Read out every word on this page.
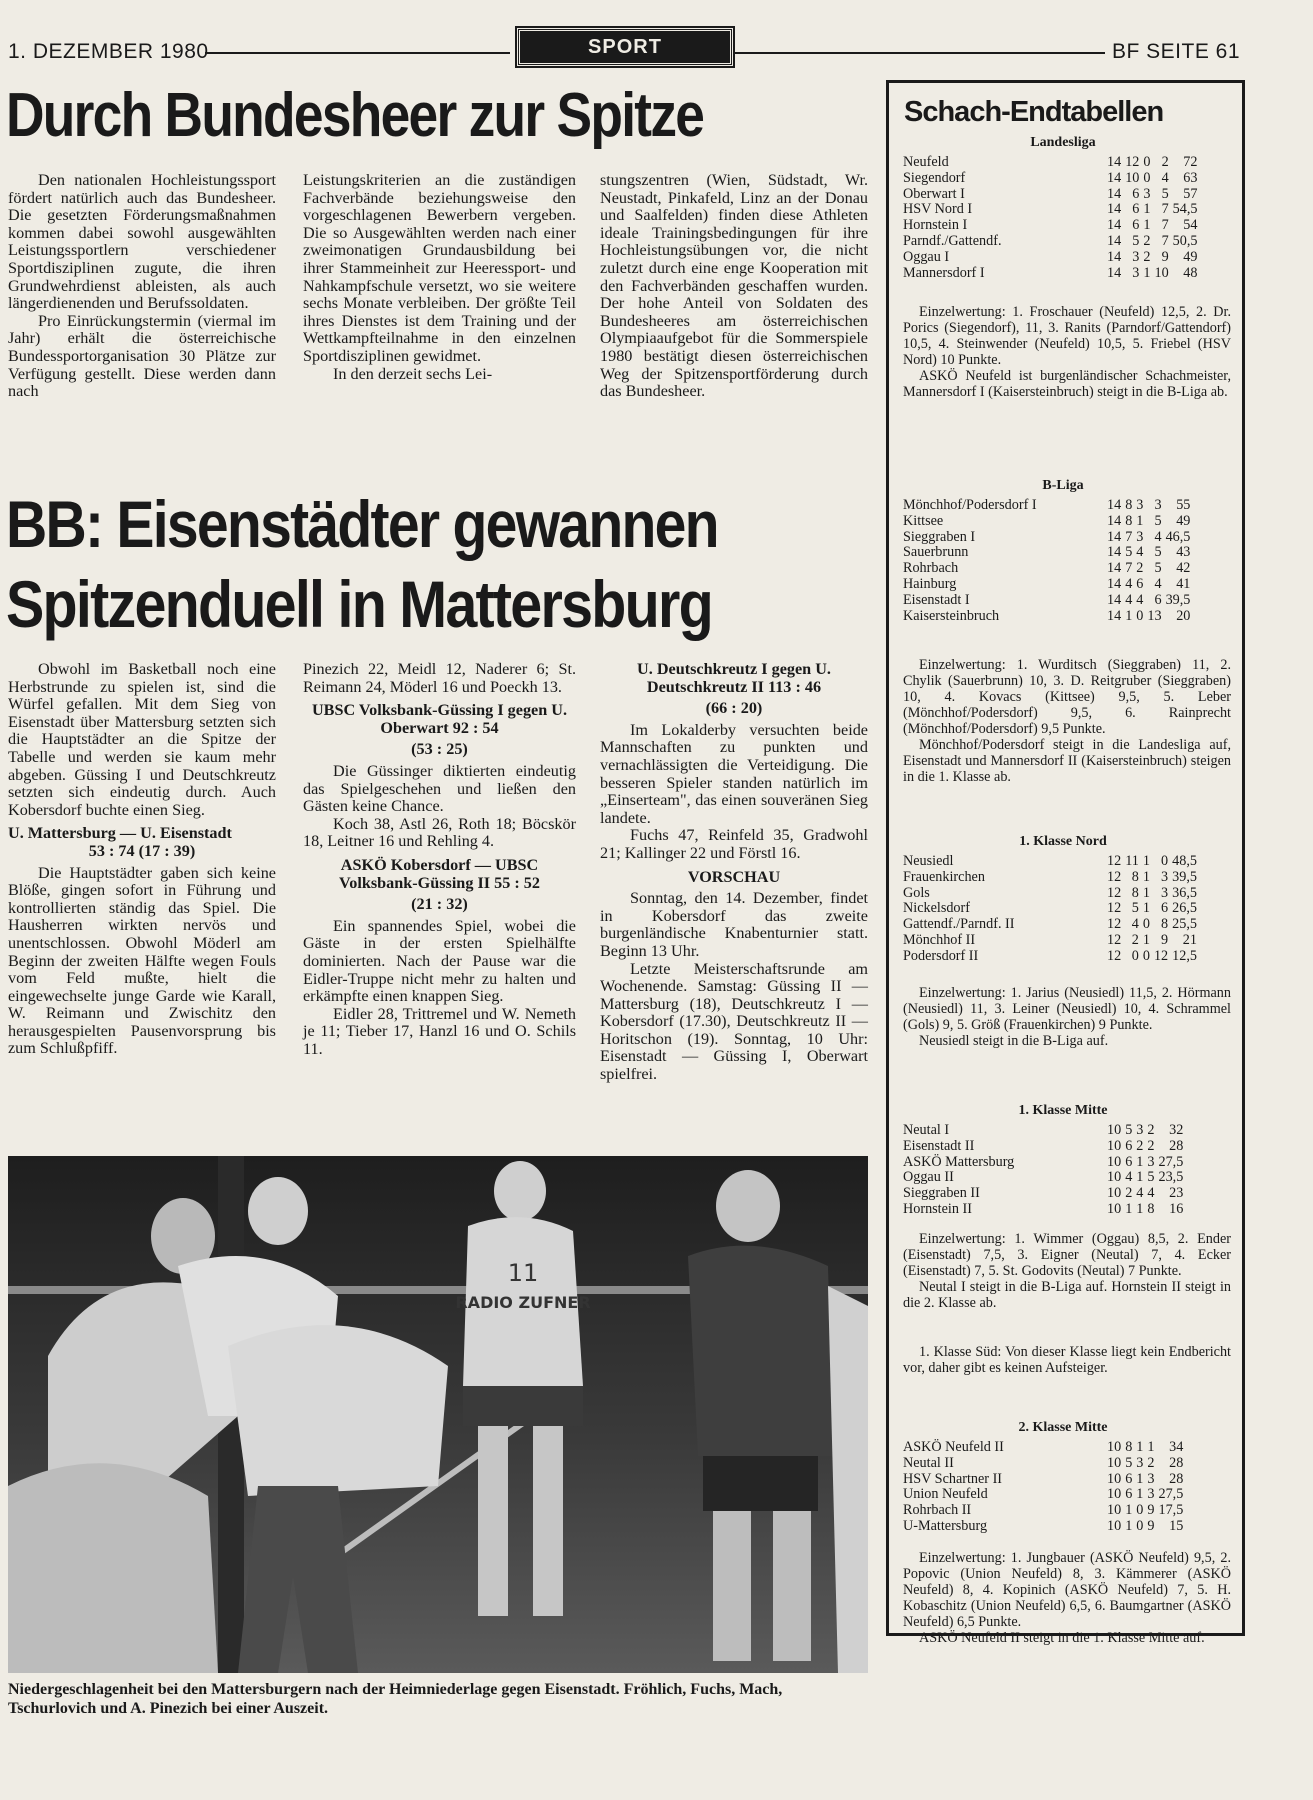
1. DEZEMBER 1980	SPORT	BF SEITE 61
Durch Bundesheer zur Spitze

Den nationalen Hochleistungssport fördert natürlich auch das Bundesheer. Die gesetzten Förderungsmaßnahmen kommen dabei sowohl ausgewählten Leistungssportlern verschiedener Sportdisziplinen zugute, die ihren Grundwehrdienst ableisten, als auch längerdienenden und Berufssoldaten.

Pro Einrückungstermin (viermal im Jahr) erhält die österreichische Bundessportorganisation 30 Plätze zur Verfügung gestellt. Diese werden dann nach

Leistungskriterien an die zuständigen Fachverbände beziehungsweise den vorgeschlagenen Bewerbern vergeben. Die so Ausgewählten werden nach einer zweimonatigen Grundausbildung bei ihrer Stammeinheit zur Heeressport- und Nahkampfschule versetzt, wo sie weitere sechs Monate verbleiben. Der größte Teil ihres Dienstes ist dem Training und der Wettkampfteilnahme in den einzelnen Sportdisziplinen gewidmet.

In den derzeit sechs Lei-

stungszentren (Wien, Südstadt, Wr. Neustadt, Pinkafeld, Linz an der Donau und Saalfelden) finden diese Athleten ideale Trainingsbedingungen für ihre Hochleistungsübungen vor, die nicht zuletzt durch eine enge Kooperation mit den Fachverbänden geschaffen wurden. Der hohe Anteil von Soldaten des Bundesheeres am österreichischen Olympiaaufgebot für die Sommerspiele 1980 bestätigt diesen österreichischen Weg der Spitzensportförderung durch das Bundesheer.

BB: Eisenstädter gewannen
Spitzenduell in Mattersburg

Obwohl im Basketball noch eine Herbstrunde zu spielen ist, sind die Würfel gefallen. Mit dem Sieg von Eisenstadt über Mattersburg setzten sich die Hauptstädter an die Spitze der Tabelle und werden sie kaum mehr abgeben. Güssing I und Deutschkreutz setzten sich eindeutig durch. Auch Kobersdorf buchte einen Sieg.

U. Mattersburg — U. Eisenstadt
53 : 74 (17 : 39)

Die Hauptstädter gaben sich keine Blöße, gingen sofort in Führung und kontrollierten ständig das Spiel. Die Hausherren wirkten nervös und unentschlossen. Obwohl Möderl am Beginn der zweiten Hälfte wegen Fouls vom Feld mußte, hielt die eingewechselte junge Garde wie Karall, W. Reimann und Zwischitz den herausgespielten Pausenvorsprung bis zum Schlußpfiff.

Pinezich 22, Meidl 12, Naderer 6; St. Reimann 24, Möderl 16 und Poeckh 13.

UBSC Volksbank-Güssing I gegen U. Oberwart 92 : 54
(53 : 25)

Die Güssinger diktierten eindeutig das Spielgeschehen und ließen den Gästen keine Chance.

Koch 38, Astl 26, Roth 18; Böcskör 18, Leitner 16 und Rehling 4.

ASKÖ Kobersdorf — UBSC Volksbank-Güssing II 55 : 52
(21 : 32)

Ein spannendes Spiel, wobei die Gäste in der ersten Spielhälfte dominierten. Nach der Pause war die Eidler-Truppe nicht mehr zu halten und erkämpfte einen knappen Sieg.

Eidler 28, Trittremel und W. Nemeth je 11; Tieber 17, Hanzl 16 und O. Schils 11.

U. Deutschkreutz I gegen U. Deutschkreutz II 113 : 46
(66 : 20)

Im Lokalderby versuchten beide Mannschaften zu punkten und vernachlässigten die Verteidigung. Die besseren Spieler standen natürlich im „Einserteam", das einen souveränen Sieg landete.

Fuchs 47, Reinfeld 35, Gradwohl 21; Kallinger 22 und Förstl 16.

VORSCHAU

Sonntag, den 14. Dezember, findet in Kobersdorf das zweite burgenländische Knabenturnier statt. Beginn 13 Uhr.

Letzte Meisterschaftsrunde am Wochenende. Samstag: Güssing II — Mattersburg (18), Deutschkreutz I — Kobersdorf (17.30), Deutschkreutz II — Horitschon (19). Sonntag, 10 Uhr: Eisenstadt — Güssing I, Oberwart spielfrei.

11
RADIO ZUFNER
Niedergeschlagenheit bei den Mattersburgern nach der Heimniederlage gegen Eisenstadt. Fröhlich, Fuchs, Mach, Tschurlovich und A. Pinezich bei einer Auszeit.
Schach-Endtabellen
Landesliga
Neufeld	14	12	0	2	72
Siegendorf	14	10	0	4	63
Oberwart I	14	6	3	5	57
HSV Nord I	14	6	1	7	54,5
Hornstein I	14	6	1	7	54
Parndf./Gattendf.	14	5	2	7	50,5
Oggau I	14	3	2	9	49
Mannersdorf I	14	3	1	10	48

Einzelwertung: 1. Froschauer (Neufeld) 12,5, 2. Dr. Porics (Siegendorf), 11, 3. Ranits (Parndorf/Gattendorf) 10,5, 4. Steinwender (Neufeld) 10,5, 5. Friebel (HSV Nord) 10 Punkte.

ASKÖ Neufeld ist burgenländischer Schachmeister, Mannersdorf I (Kaisersteinbruch) steigt in die B-Liga ab.

B-Liga
Mönchhof/Podersdorf I	14	8	3	3	55
Kittsee	14	8	1	5	49
Sieggraben I	14	7	3	4	46,5
Sauerbrunn	14	5	4	5	43
Rohrbach	14	7	2	5	42
Hainburg	14	4	6	4	41
Eisenstadt I	14	4	4	6	39,5
Kaisersteinbruch	14	1	0	13	20

Einzelwertung: 1. Wurditsch (Sieggraben) 11, 2. Chylik (Sauerbrunn) 10, 3. D. Reitgruber (Sieggraben) 10, 4. Kovacs (Kittsee) 9,5, 5. Leber (Mönchhof/Podersdorf) 9,5, 6. Rainprecht (Mönchhof/Podersdorf) 9,5 Punkte.

Mönchhof/Podersdorf steigt in die Landesliga auf, Eisenstadt und Mannersdorf II (Kaisersteinbruch) steigen in die 1. Klasse ab.

1. Klasse Nord
Neusiedl	12	11	1	0	48,5
Frauenkirchen	12	8	1	3	39,5
Gols	12	8	1	3	36,5
Nickelsdorf	12	5	1	6	26,5
Gattendf./Parndf. II	12	4	0	8	25,5
Mönchhof II	12	2	1	9	21
Podersdorf II	12	0	0	12	12,5

Einzelwertung: 1. Jarius (Neusiedl) 11,5, 2. Hörmann (Neusiedl) 11, 3. Leiner (Neusiedl) 10, 4. Schrammel (Gols) 9, 5. Größ (Frauenkirchen) 9 Punkte.

Neusiedl steigt in die B-Liga auf.

1. Klasse Mitte
Neutal I	10	5	3	2	32
Eisenstadt II	10	6	2	2	28
ASKÖ Mattersburg	10	6	1	3	27,5
Oggau II	10	4	1	5	23,5
Sieggraben II	10	2	4	4	23
Hornstein II	10	1	1	8	16

Einzelwertung: 1. Wimmer (Oggau) 8,5, 2. Ender (Eisenstadt) 7,5, 3. Eigner (Neutal) 7, 4. Ecker (Eisenstadt) 7, 5. St. Godovits (Neutal) 7 Punkte.

Neutal I steigt in die B-Liga auf. Hornstein II steigt in die 2. Klasse ab.

1. Klasse Süd: Von dieser Klasse liegt kein Endbericht vor, daher gibt es keinen Aufsteiger.

2. Klasse Mitte
ASKÖ Neufeld II	10	8	1	1	34
Neutal II	10	5	3	2	28
HSV Schartner II	10	6	1	3	28
Union Neufeld	10	6	1	3	27,5
Rohrbach II	10	1	0	9	17,5
U-Mattersburg	10	1	0	9	15

Einzelwertung: 1. Jungbauer (ASKÖ Neufeld) 9,5, 2. Popovic (Union Neufeld) 8, 3. Kämmerer (ASKÖ Neufeld) 8, 4. Kopinich (ASKÖ Neufeld) 7, 5. H. Kobaschitz (Union Neufeld) 6,5, 6. Baumgartner (ASKÖ Neufeld) 6,5 Punkte.

ASKÖ Neufeld II steigt in die 1. Klasse Mitte auf.
